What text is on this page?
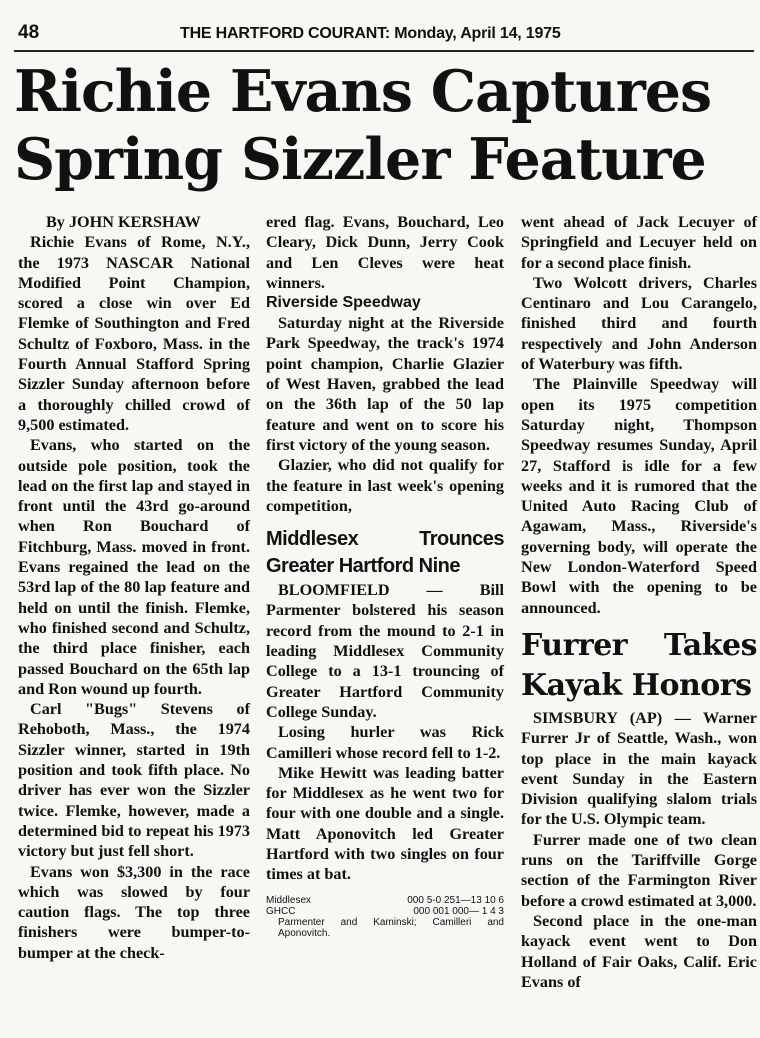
48	THE HARTFORD COURANT: Monday, April 14, 1975
Richie Evans Captures
Spring Sizzler Feature

By JOHN KERSHAW

Richie Evans of Rome, N.Y., the 1973 NASCAR National Modified Point Champion, scored a close win over Ed Flemke of Southington and Fred Schultz of Foxboro, Mass. in the Fourth Annual Stafford Spring Sizzler Sunday afternoon before a thoroughly chilled crowd of 9,500 estimated.

Evans, who started on the outside pole position, took the lead on the first lap and stayed in front until the 43rd go-around when Ron Bouchard of Fitchburg, Mass. moved in front. Evans regained the lead on the 53rd lap of the 80 lap feature and held on until the finish. Flemke, who finished second and Schultz, the third place finisher, each passed Bouchard on the 65th lap and Ron wound up fourth.

Carl "Bugs" Stevens of Rehoboth, Mass., the 1974 Sizzler winner, started in 19th position and took fifth place. No driver has ever won the Sizzler twice. Flemke, however, made a determined bid to repeat his 1973 victory but just fell short.

Evans won $3,300 in the race which was slowed by four caution flags. The top three finishers were bumper-to-bumper at the check-

ered flag. Evans, Bouchard, Leo Cleary, Dick Dunn, Jerry Cook and Len Cleves were heat winners.

Riverside Speedway

Saturday night at the Riverside Park Speedway, the track's 1974 point champion, Charlie Glazier of West Haven, grabbed the lead on the 36th lap of the 50 lap feature and went on to score his first victory of the young season.

Glazier, who did not qualify for the feature in last week's opening competition,

Middlesex Trounces Greater Hartford Nine

BLOOMFIELD — Bill Parmenter bolstered his season record from the mound to 2-1 in leading Middlesex Community College to a 13-1 trouncing of Greater Hartford Community College Sunday.

Losing hurler was Rick Camilleri whose record fell to 1-2.

Mike Hewitt was leading batter for Middlesex as he went two for four with one double and a single. Matt Aponovitch led Greater Hartford with two singles on four times at bat.

Middlesex	000 5-0 251—13 10 6
GHCC	000 001 000— 1 4 3
Parmenter and Kaminski; Camilleri and Aponovitch.

went ahead of Jack Lecuyer of Springfield and Lecuyer held on for a second place finish.

Two Wolcott drivers, Charles Centinaro and Lou Carangelo, finished third and fourth respectively and John Anderson of Waterbury was fifth.

The Plainville Speedway will open its 1975 competition Saturday night, Thompson Speedway resumes Sunday, April 27, Stafford is idle for a few weeks and it is rumored that the United Auto Racing Club of Agawam, Mass., Riverside's governing body, will operate the New London-Waterford Speed Bowl with the opening to be announced.

Furrer Takes Kayak Honors

SIMSBURY (AP) — Warner Furrer Jr of Seattle, Wash., won top place in the main kayack event Sunday in the Eastern Division qualifying slalom trials for the U.S. Olympic team.

Furrer made one of two clean runs on the Tariffville Gorge section of the Farmington River before a crowd estimated at 3,000.

Second place in the one-man kayack event went to Don Holland of Fair Oaks, Calif. Eric Evans of
